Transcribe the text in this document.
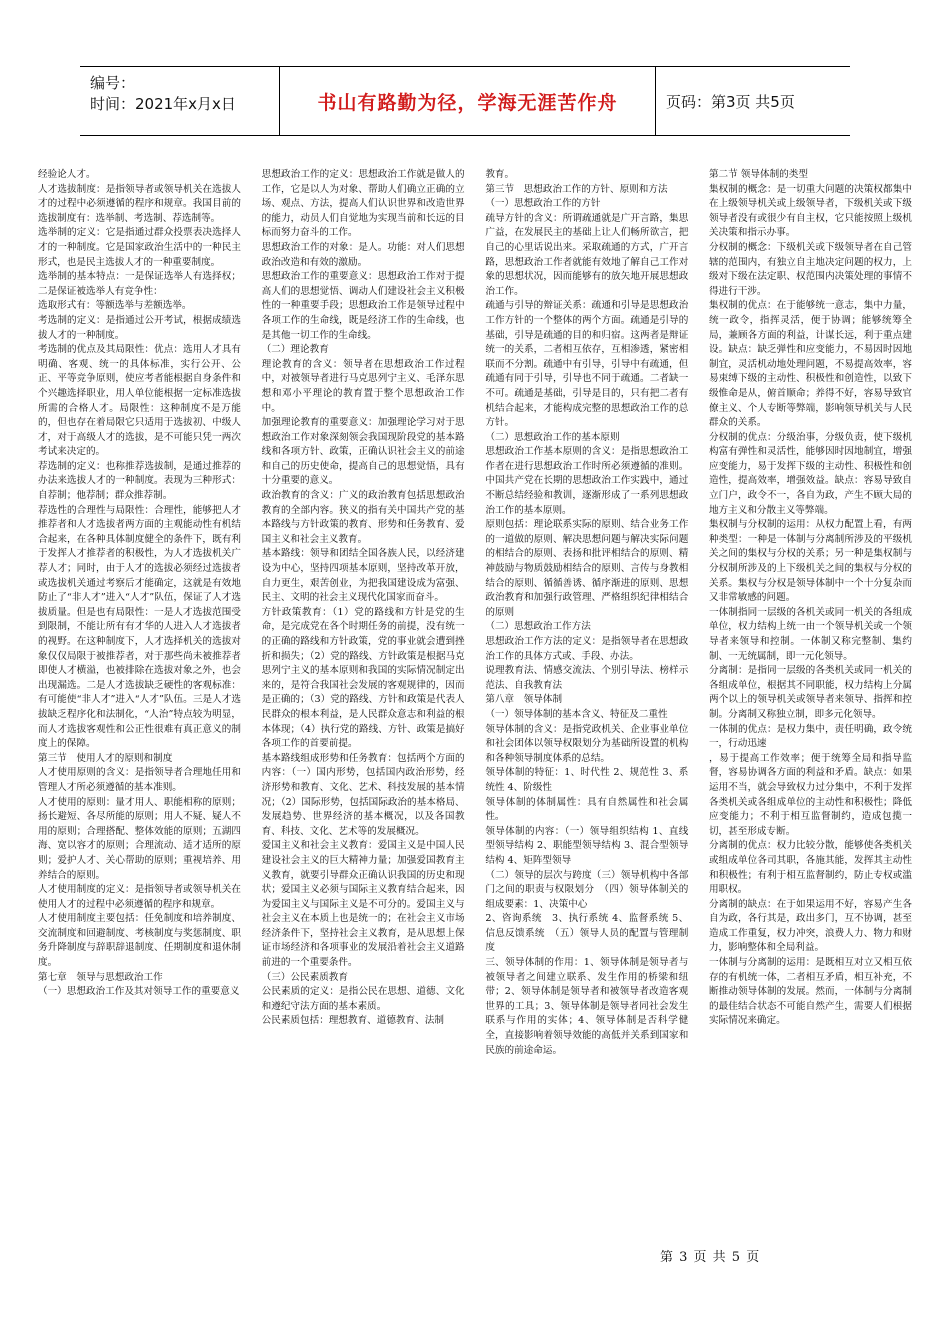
编号：
时间：2021年x月x日	书山有路勤为径，学海无涯苦作舟	页码：第3页 共5页

经验论人才。

人才选拔制度：是指领导者或领导机关在选拔人才的过程中必须遵循的程序和规章。我国目前的选拔制度有：选举制、考选制、荐选制等。

选举制的定义：它是指通过群众投票表决选择人才的一种制度。它是国家政治生活中的一种民主形式，也是民主选拔人才的一种重要制度。

选举制的基本特点：一是保证选举人有选择权；二是保证被选举人有竞争性：

选取形式有：等额选举与差额选举。

考选制的定义：是指通过公开考试，根据成绩选拔人才的一种制度。

考选制的优点及其局限性：优点：选用人才具有明确、客观、统一的具体标准，实行公开、公正、平等竞争原则，使应考者能根据自身条件和个兴趣选择职业，用人单位能根据一定标准选拔所需的合格人才。局限性：这种制度不是万能的，但也存在着局限它只适用于选拔初、中级人才，对于高级人才的选拔，是不可能只凭一两次考试来决定的。

荐选制的定义：也称推荐选拔制，是通过推荐的办法来选拔人才的一种制度。表现为三种形式：自荐制；他荐制；群众推荐制。

荐选性的合理性与局限性：合理性，能够把人才推荐者和人才选拔者两方面的主观能动性有机结合起来，在各种具体制度健全的条件下，既有利于发挥人才推荐者的积极性，为人才选拔机关广荐人才；同时，由于人才的选拔必须经过选拔者或选拔机关通过考察后才能确定，这就是有效地防止了“非人才”进入“人才”队伍，保证了人才选拔质量。但是也有局限性：一是人才选拔范围受到限制，不能让所有有才华的人进入人才选拔者的视野。在这种制度下，人才选择机关的选拔对象仅仅局限于被推荐者，对于那些尚未被推荐者即使人才横溢，也被排除在选拔对象之外，也会出现漏选。二是人才选拔缺乏硬性的客观标准：有可能使“非人才”进入“人才”队伍。三是人才选拔缺乏程序化和法制化，“人治”特点较为明显，而人才选拔客观性和公正性很难有真正意义的制度上的保障。

第三节　使用人才的原则和制度

人才使用原则的含义：是指领导者合理地任用和管理人才所必须遵循的基本准则。

人才使用的原则：量才用人、职能相称的原则；扬长避短、各尽所能的原则；用人不疑、疑人不用的原则；合理搭配、整体效能的原则；五湖四海、宽以容才的原则；合理流动、适才适所的原则；爱护人才、关心帮助的原则；重视培养、用养结合的原则。

人才使用制度的定义：是指领导者或领导机关在使用人才的过程中必须遵循的程序和规章。

人才使用制度主要包括：任免制度和培养制度、交流制度和回避制度、考核制度与奖惩制度、职务升降制度与辞职辞退制度、任期制度和退休制度。

第七章　领导与思想政治工作

（一）思想政治工作及其对领导工作的重要意义

思想政治工作的定义：思想政治工作就是做人的工作，它是以人为对象、帮助人们确立正确的立场、观点、方法，提高人们认识世界和改造世界的能力，动员人们自觉地为实现当前和长远的目标而努力奋斗的工作。

思想政治工作的对象：是人。功能：对人们思想政治改造和有效的激励。

思想政治工作的重要意义：思想政治工作对于提高人们的思想觉悟、调动人们建设社会主义积极性的一种重要手段；思想政治工作是领导过程中各项工作的生命线，既是经济工作的生命线，也是其他一切工作的生命线。

（二）理论教育

理论教育的含义：领导者在思想政治工作过程中，对被领导者进行马克思列宁主义、毛泽东思想和邓小平理论的教育置于整个思想政治工作中。

加强理论教育的重要意义：加强理论学习对于思想政治工作对象深刻领会我国现阶段党的基本路线和各项方针、政策，正确认识社会主义的前途和自己的历史使命，提高自己的思想觉悟，具有十分重要的意义。

政治教育的含义：广义的政治教育包括思想政治教育的全部内容。狭义的指有关中国共产党的基本路线与方针政策的教育、形势和任务教育、爱国主义和社会主义教育。

基本路线：领导和团结全国各族人民，以经济建设为中心，坚持四项基本原则，坚持改革开放，自力更生，艰苦创业，为把我国建设成为富强、民主、文明的社会主义现代化国家而奋斗。

方针政策教育：（1）党的路线和方针是党的生命，是完成党在各个时期任务的前提，没有统一的正确的路线和方针政策，党的事业就会遭到挫折和损失；（2）党的路线、方针政策是根据马克思列宁主义的基本原则和我国的实际情况制定出来的，是符合我国社会发展的客观规律的，因而是正确的；（3）党的路线、方针和政策是代表人民群众的根本利益，是人民群众意志和利益的根本体现；（4）执行党的路线、方针、政策是搞好各项工作的首要前提。

基本路线组成形势和任务教育：包括两个方面的内容：（一）国内形势，包括国内政治形势，经济形势和教育、文化、艺术、科技发展的基本情况；（2）国际形势，包括国际政治的基本格局、发展趋势、世界经济的基本概况，以及各国教育、科技、文化、艺术等的发展概况。

爱国主义和社会主义教育：爱国主义是中国人民建设社会主义的巨大精神力量；加强爱国教育主义教育，就要引导群众正确认识我国的历史和现状；爱国主义必须与国际主义教育结合起来，因为爱国主义与国际主义是不可分的。爱国主义与社会主义在本质上也是统一的；在社会主义市场经济条件下，坚持社会主义教育，是从思想上保证市场经济和各项事业的发展沿着社会主义道路前进的一个重要条件。

（三）公民素质教育

公民素质的定义：是指公民在思想、道德、文化和遵纪守法方面的基本素质。

公民素质包括：理想教育、道德教育、法制

教育。

第三节　思想政治工作的方针、原则和方法

（一）思想政治工作的方针

疏导方针的含义：所谓疏通就是广开言路，集思广益，在发展民主的基础上让人们畅所欲言，把自己的心里话说出来。采取疏通的方式，广开言路，思想政治工作者就能有效地了解自己工作对象的思想状况，因而能够有的放矢地开展思想政治工作。

疏通与引导的辩证关系：疏通和引导是思想政治工作方针的一个整体的两个方面。疏通是引导的基础，引导是疏通的目的和归宿。这两者是辩证统一的关系，二者相互依存，互相渗透，紧密相联而不分割。疏通中有引导，引导中有疏通，但疏通有同于引导，引导也不同于疏通。二者缺一不可。疏通是基础，引导是目的，只有把二者有机结合起来，才能构成完整的思想政治工作的总方针。

（二）思想政治工作的基本原则

思想政治工作基本原则的含义：是指思想政治工作者在进行思想政治工作时所必须遵循的准则。中国共产党在长期的思想政治工作实践中，通过不断总结经验和教训，逐渐形成了一系列思想政治工作的基本原则。

原则包括：理论联系实际的原则、结合业务工作的一道做的原则、解决思想问题与解决实际问题的相结合的原则、表扬和批评相结合的原则、精神鼓励与物质鼓励相结合的原则、言传与身教相结合的原则、循循善诱、循序渐进的原则、思想政治教育和加强行政管理、严格组织纪律相结合的原则

（二）思想政治工作方法

思想政治工作方法的定义：是指领导者在思想政治工作的具体方式或、手段、办法。

说理教育法、情感交流法、个别引导法、榜样示范法、自我教育法

第八章　领导体制

（一）领导体制的基本含义、特征及二重性

领导体制的含义：是指党政机关、企业事业单位和社会团体以领导权限划分为基础所设置的机构和各种领导制度体系的总结。

领导体制的特征：1、时代性 2、规范性 3、系统性 4、阶级性

领导体制的体制属性：具有自然属性和社会属性。

领导体制的内容：（一）领导组织结构 1、直线型领导结构 2、职能型领导结构 3、混合型领导结构 4、矩阵型领导

（二）领导的层次与跨度（三）领导机构中各部门之间的职责与权限划分　（四）领导体制关的组成要素：1、决策中心

2、咨询系统　3、执行系统 4、监督系统 5、信息反馈系统　（五）领导人员的配置与管理制度

三、领导体制的作用：1、领导体制是领导者与被领导者之间建立联系、发生作用的桥梁和纽带；2、领导体制是领导者和被领导者改造客观世界的工具；3、领导体制是领导者同社会发生联系与作用的实体；4、领导体制是否科学健全，直接影响着领导效能的高低并关系到国家和民族的前途命运。

第二节 领导体制的类型

集权制的概念：是一切重大问题的决策权都集中在上级领导机关或上级领导者，下级机关或下级领导者没有或很少有自主权，它只能按照上级机关决策和指示办事。

分权制的概念：下级机关或下级领导者在自己管辖的范围内，有独立自主地决定问题的权力，上级对下级在法定职、权范围内决策处理的事情不得进行干涉。

集权制的优点：在于能够统一意志，集中力量，统一政令，指挥灵活，便于协调；能够统筹全局，兼顾各方面的利益，计谋长远，利于重点建设。缺点：缺乏弹性和应变能力，不易因时因地制宜，灵活机动地处理问题，不易提高效率，容易束缚下级的主动性、积极性和创造性，以致下级惟命是从，俯首顺命；养得不好，容易导致官僚主义、个人专断等弊端，影响领导机关与人民群众的关系。

分权制的优点：分级治事，分级负责，使下级机构富有弹性和灵活性，能够因时因地制宜，增强应变能力，易于发挥下级的主动性、积极性和创造性，提高效率，增强效益。缺点：容易导致自立门户，政令不一，各自为政，产生不顾大局的地方主义和分散主义等弊端。

集权制与分权制的运用：从权力配置上看，有两种类型：一种是一体制与分离制所涉及的平级机关之间的集权与分权的关系；另一种是集权制与分权制所涉及的上下级机关之间的集权与分权的关系。集权与分权是领导体制中一个十分复杂而又非常敏感的问题。

一体制指同一层级的各机关或同一机关的各组成单位，权力结构上统一由一个领导机关或一个领导者来领导和控制。一体制又称完整制、集约制、一无统属制，即一元化领导。

分离制：是指同一层级的各类机关或同一机关的各组成单位，根据其不同职能，权力结构上分属两个以上的领导机关或领导者来领导、指挥和控制。分离制又称独立制，即多元化领导。

一体制的优点：是权力集中，责任明确，政令统一，行动迅速

，易于提高工作效率；便于统筹全局和指导监督，容易协调各方面的利益和矛盾。缺点：如果运用不当，就会导致权力过分集中，不利于发挥各类机关或各组成单位的主动性和积极性；降低应变能力；不利于相互监督制约，造成包揽一切，甚至形成专断。

分离制的优点：权力比较分散，能够使各类机关或组成单位各司其职，各施其能，发挥其主动性和积极性；有利于相互监督制约，防止专权或滥用职权。

分离制的缺点：在于如果运用不好，容易产生各自为政，各行其是，政出多门，互不协调，甚至造成工作重复，权力冲突，浪费人力、物力和财力，影响整体和全局利益。

一体制与分离制的运用：是既相互对立又相互依存的有机统一体，二者相互矛盾，相互补充，不断推动领导体制的发展。然而，一体制与分离制的最佳结合状态不可能自然产生，需要人们根据实际情况来确定。

第 3 页 共 5 页
